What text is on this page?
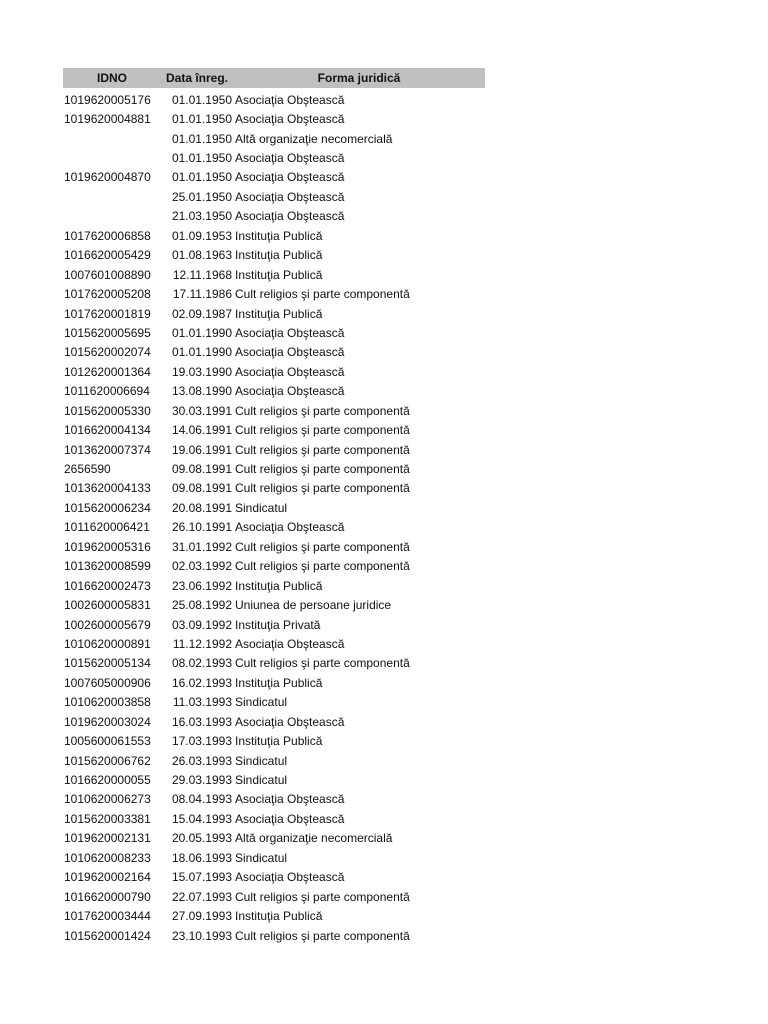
IDNO	Data înreg.	Forma juridică
1019620005176	01.01.1950 Asociaţia Obştească
1019620004881	01.01.1950 Asociaţia Obştească
01.01.1950 Altă organizaţie necomercială
01.01.1950 Asociaţia Obştească
1019620004870	01.01.1950 Asociaţia Obştească
25.01.1950 Asociaţia Obştească
21.03.1950 Asociaţia Obştească
1017620006858	01.09.1953 Instituţia Publică
1016620005429	01.08.1963 Instituţia Publică
1007601008890	12.11.1968 Instituţia Publică
1017620005208	17.11.1986 Cult religios şi parte componentă
1017620001819	02.09.1987 Instituţia Publică
1015620005695	01.01.1990 Asociaţia Obştească
1015620002074	01.01.1990 Asociaţia Obştească
1012620001364	19.03.1990 Asociaţia Obştească
1011620006694	13.08.1990 Asociaţia Obştească
1015620005330	30.03.1991 Cult religios şi parte componentă
1016620004134	14.06.1991 Cult religios şi parte componentă
1013620007374	19.06.1991 Cult religios şi parte componentă
2656590	09.08.1991 Cult religios şi parte componentă
1013620004133	09.08.1991 Cult religios şi parte componentă
1015620006234	20.08.1991 Sindicatul
1011620006421	26.10.1991 Asociaţia Obştească
1019620005316	31.01.1992 Cult religios şi parte componentă
1013620008599	02.03.1992 Cult religios şi parte componentă
1016620002473	23.06.1992 Instituţia Publică
1002600005831	25.08.1992 Uniunea de persoane juridice
1002600005679	03.09.1992 Instituţia Privată
1010620000891	11.12.1992 Asociaţia Obştească
1015620005134	08.02.1993 Cult religios şi parte componentă
1007605000906	16.02.1993 Instituţia Publică
1010620003858	11.03.1993 Sindicatul
1019620003024	16.03.1993 Asociaţia Obştească
1005600061553	17.03.1993 Instituţia Publică
1015620006762	26.03.1993 Sindicatul
1016620000055	29.03.1993 Sindicatul
1010620006273	08.04.1993 Asociaţia Obştească
1015620003381	15.04.1993 Asociaţia Obştească
1019620002131	20.05.1993 Altă organizaţie necomercială
1010620008233	18.06.1993 Sindicatul
1019620002164	15.07.1993 Asociaţia Obştească
1016620000790	22.07.1993 Cult religios şi parte componentă
1017620003444	27.09.1993 Instituţia Publică
1015620001424	23.10.1993 Cult religios şi parte componentă
